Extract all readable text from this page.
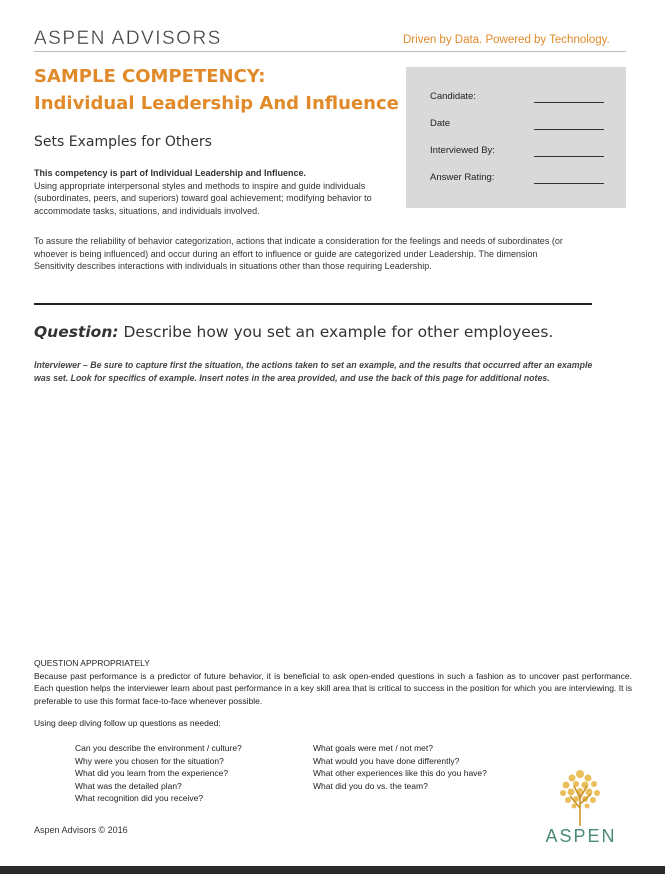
ASPEN ADVISORS	Driven by Data. Powered by Technology.
SAMPLE COMPETENCY:
Individual Leadership And Influence
Sets Examples for Others
Candidate:
Date
Interviewed By:
Answer Rating:
This competency is part of Individual Leadership and Influence.
Using appropriate interpersonal styles and methods to inspire and guide individuals (subordinates, peers, and superiors) toward goal achievement; modifying behavior to accommodate tasks, situations, and individuals involved.
To assure the reliability of behavior categorization, actions that indicate a consideration for the feelings and needs of subordinates (or whoever is being influenced) and occur during an effort to influence or guide are categorized under Leadership. The dimension Sensitivity describes interactions with individuals in situations other than those requiring Leadership.
Question: Describe how you set an example for other employees.
Interviewer – Be sure to capture first the situation, the actions taken to set an example, and the results that occurred after an example was set. Look for specifics of example. Insert notes in the area provided, and use the back of this page for additional notes.
QUESTION APPROPRIATELY
Because past performance is a predictor of future behavior, it is beneficial to ask open-ended questions in such a fashion as to uncover past performance. Each question helps the interviewer learn about past performance in a key skill area that is critical to success in the position for which you are interviewing. It is preferable to use this format face-to-face whenever possible.
Using deep diving follow up questions as needed:
Can you describe the environment / culture?
Why were you chosen for the situation?
What did you learn from the experience?
What was the detailed plan?
What recognition did you receive?
What goals were met / not met?
What would you have done differently?
What other experiences like this do you have?
What did you do vs. the team?
Aspen Advisors © 2016	ASPEN
